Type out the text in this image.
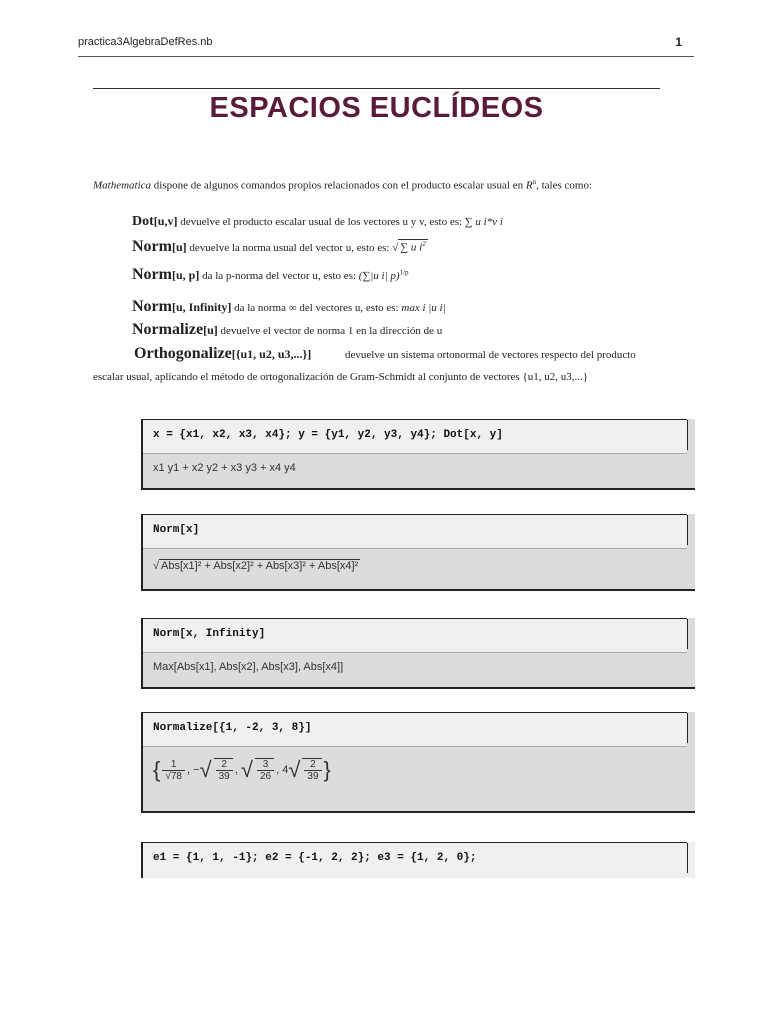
practica3AlgebraDefRes.nb	1
ESPACIOS EUCLÍDEOS
Mathematica dispone de algunos comandos propios relacionados con el producto escalar usual en $R^n$, tales como:
Dot[u,v] devuelve el producto escalar usual de los vectores u y v, esto es: ∑ u i*v i
Norm[u] devuelve la norma usual del vector u, esto es: √ ∑ u $i^2$
Norm[u, p] da la p-norma del vector u, esto es: (∑|u i| p)$^{1/p}$
Norm[u, Infinity] da la norma ∞ del vectores u, esto es: max i |u i|
Normalize[u] devuelve el vector de norma 1 en la dirección de u
Orthogonalize[{u1, u2, u3,...}]	devuelve un sistema ortonormal de vectores respecto del producto
escalar usual, aplicando el método de ortogonalización de Gram-Schmidt al conjunto de vectores {u1, u2, u3,...}
x = {x1, x2, x3, x4}; y = {y1, y2, y3, y4}; Dot[x, y]
x1 y1 + x2 y2 + x3 y3 + x4 y4
Norm[x]
√ Abs[x1]² + Abs[x2]² + Abs[x3]² + Abs[x4]²
Norm[x, Infinity]
Max[Abs[x1], Abs[x2], Abs[x3], Abs[x4]]
Normalize[{1, -2, 3, 8}]
{ $\frac{1}{√78}$ , − √ $\frac{2}{39}$ , √ $\frac{3}{26}$ , 4 √ $\frac{2}{39}$ }
e1 = {1, 1, -1}; e2 = {-1, 2, 2}; e3 = {1, 2, 0};
